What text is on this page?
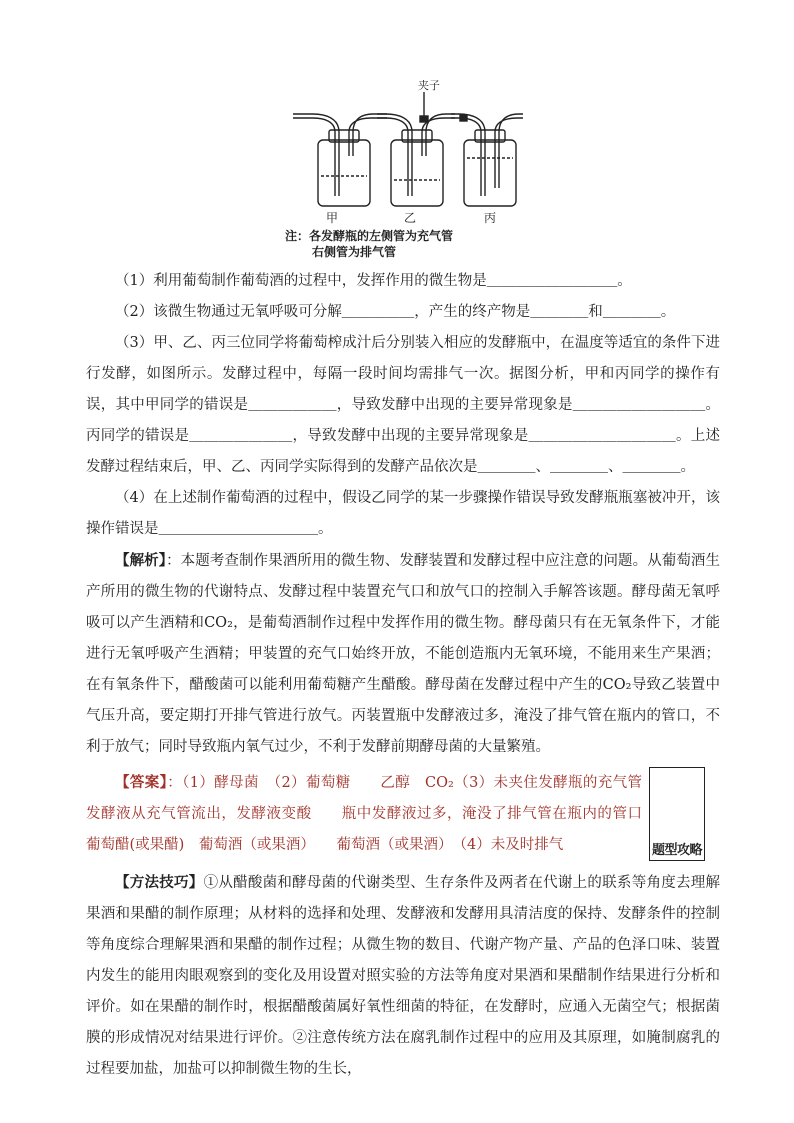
夹子
甲	乙	丙
注：各发酵瓶的左侧管为充气管
右侧管为排气管

（1）利用葡萄制作葡萄酒的过程中，发挥作用的微生物是＿＿＿＿＿＿＿＿＿。

（2）该微生物通过无氧呼吸可分解＿＿＿＿＿，产生的终产物是＿＿＿＿和＿＿＿＿。

（3）甲、乙、丙三位同学将葡萄榨成汁后分别装入相应的发酵瓶中，在温度等适宜的条件下进行发酵，如图所示。发酵过程中，每隔一段时间均需排气一次。据图分析，甲和丙同学的操作有误，其中甲同学的错误是＿＿＿＿＿＿，导致发酵中出现的主要异常现象是＿＿＿＿＿＿＿＿＿。丙同学的错误是＿＿＿＿＿＿＿，导致发酵中出现的主要异常现象是＿＿＿＿＿＿＿＿＿＿。上述发酵过程结束后，甲、乙、丙同学实际得到的发酵产品依次是＿＿＿＿、＿＿＿＿、＿＿＿＿。

（4）在上述制作葡萄酒的过程中，假设乙同学的某一步骤操作错误导致发酵瓶瓶塞被冲开，该操作错误是＿＿＿＿＿＿＿＿＿＿＿。

【解析】：本题考查制作果酒所用的微生物、发酵装置和发酵过程中应注意的问题。从葡萄酒生产所用的微生物的代谢特点、发酵过程中装置充气口和放气口的控制入手解答该题。酵母菌无氧呼吸可以产生酒精和CO₂，是葡萄酒制作过程中发挥作用的微生物。酵母菌只有在无氧条件下，才能进行无氧呼吸产生酒精；甲装置的充气口始终开放，不能创造瓶内无氧环境，不能用来生产果酒；在有氧条件下，醋酸菌可以能利用葡萄糖产生醋酸。酵母菌在发酵过程中产生的CO₂导致乙装置中气压升高，要定期打开排气管进行放气。丙装置瓶中发酵液过多，淹没了排气管在瓶内的管口，不利于放气；同时导致瓶内氧气过少，不利于发酵前期酵母菌的大量繁殖。

【答案】：（1）酵母菌　（2）葡萄糖　　乙醇　CO₂（3）未夹住发酵瓶的充气管　发酵液从充气管流出，发酵液变酸　　瓶中发酵液过多，淹没了排气管在瓶内的管口　葡萄醋(或果醋)　葡萄酒（或果酒）　　葡萄酒（或果酒）　（4）未及时排气	题型攻略

【方法技巧】①从醋酸菌和酵母菌的代谢类型、生存条件及两者在代谢上的联系等角度去理解果酒和果醋的制作原理；从材料的选择和处理、发酵液和发酵用具清洁度的保持、发酵条件的控制等角度综合理解果酒和果醋的制作过程；从微生物的数目、代谢产物产量、产品的色泽口味、装置内发生的能用肉眼观察到的变化及用设置对照实验的方法等角度对果酒和果醋制作结果进行分析和评价。如在果醋的制作时，根据醋酸菌属好氧性细菌的特征，在发酵时，应通入无菌空气；根据菌膜的形成情况对结果进行评价。②注意传统方法在腐乳制作过程中的应用及其原理，如腌制腐乳的过程要加盐，加盐可以抑制微生物的生长，
